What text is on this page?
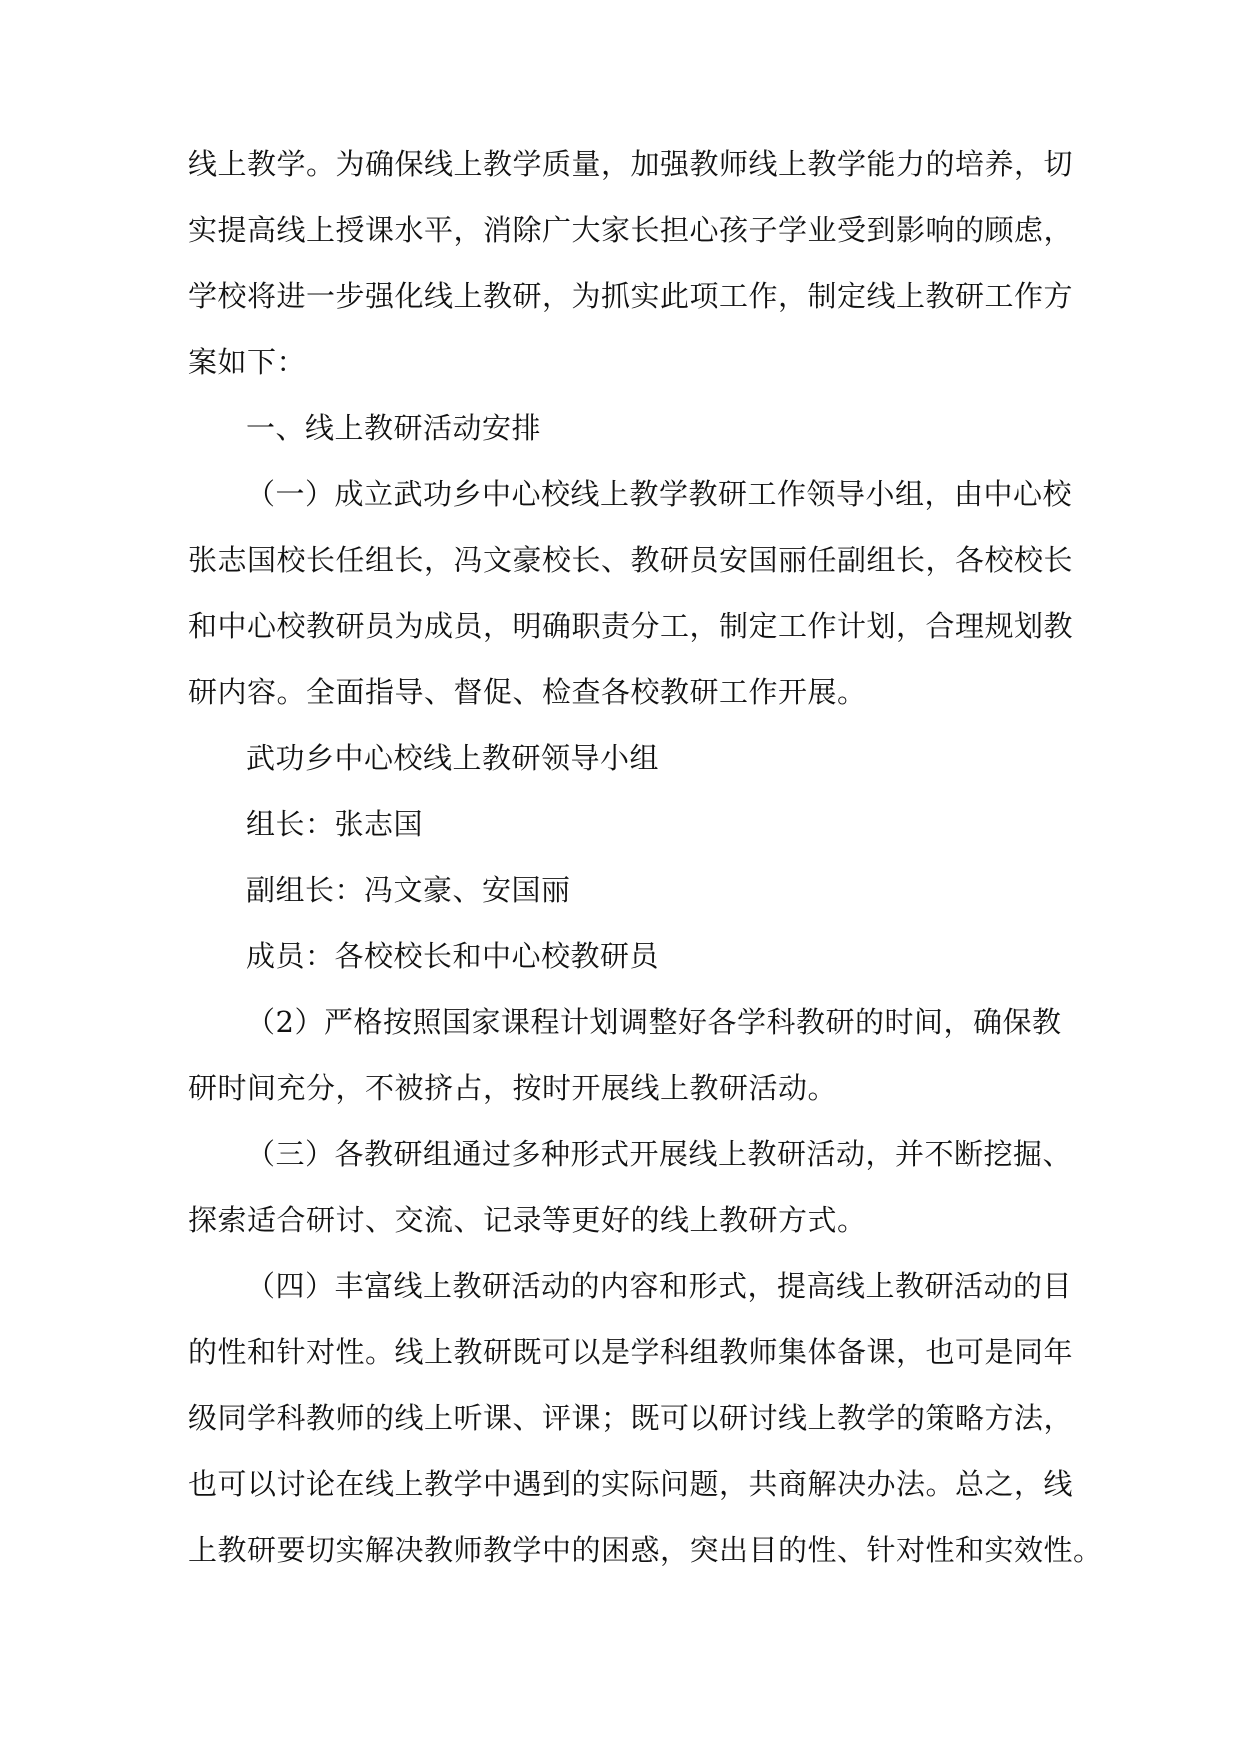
线上教学。为确保线上教学质量，加强教师线上教学能力的培养，切

实提高线上授课水平，消除广大家长担心孩子学业受到影响的顾虑，

学校将进一步强化线上教研，为抓实此项工作，制定线上教研工作方

案如下：

一、线上教研活动安排

（一）成立武功乡中心校线上教学教研工作领导小组，由中心校

张志国校长任组长，冯文豪校长、教研员安国丽任副组长，各校校长

和中心校教研员为成员，明确职责分工，制定工作计划，合理规划教

研内容。全面指导、督促、检查各校教研工作开展。

武功乡中心校线上教研领导小组

组长：张志国

副组长：冯文豪、安国丽

成员：各校校长和中心校教研员

（2）严格按照国家课程计划调整好各学科教研的时间，确保教

研时间充分，不被挤占，按时开展线上教研活动。

（三）各教研组通过多种形式开展线上教研活动，并不断挖掘、

探索适合研讨、交流、记录等更好的线上教研方式。

（四）丰富线上教研活动的内容和形式，提高线上教研活动的目

的性和针对性。线上教研既可以是学科组教师集体备课，也可是同年

级同学科教师的线上听课、评课；既可以研讨线上教学的策略方法，

也可以讨论在线上教学中遇到的实际问题，共商解决办法。总之，线

上教研要切实解决教师教学中的困惑，突出目的性、针对性和实效性。
